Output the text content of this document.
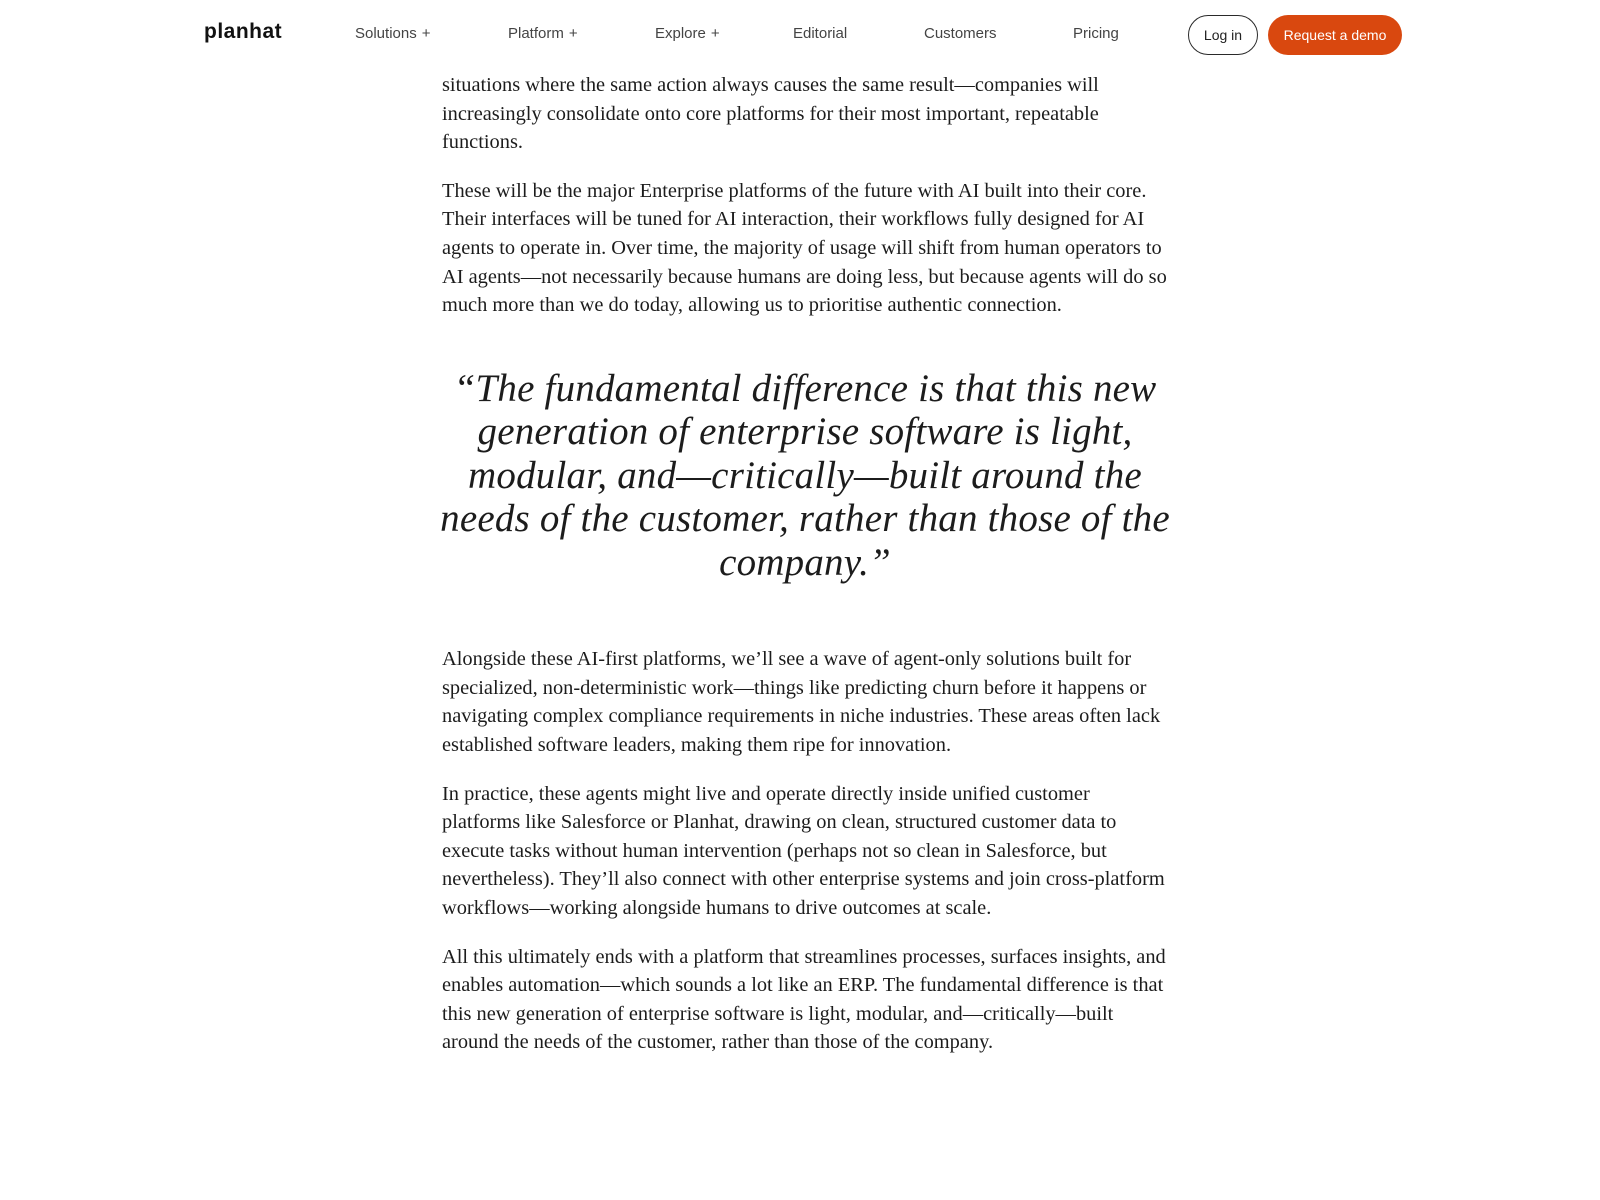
planhat	Solutions +	Platform +	Explore +	Editorial	Customers	Pricing	Log in	Request a demo

situations where the same action always causes the same result—companies will increasingly consolidate onto core platforms for their most important, repeatable functions.

These will be the major Enterprise platforms of the future with AI built into their core. Their interfaces will be tuned for AI interaction, their workflows fully designed for AI agents to operate in. Over time, the majority of usage will shift from human operators to AI agents—not necessarily because humans are doing less, but because agents will do so much more than we do today, allowing us to prioritise authentic connection.

“The fundamental difference is that this new generation of enterprise software is light, modular, and—critically—built around the needs of the customer, rather than those of the company.”

Alongside these AI-first platforms, we’ll see a wave of agent-only solutions built for specialized, non-deterministic work—things like predicting churn before it happens or navigating complex compliance requirements in niche industries. These areas often lack established software leaders, making them ripe for innovation.

In practice, these agents might live and operate directly inside unified customer platforms like Salesforce or Planhat, drawing on clean, structured customer data to execute tasks without human intervention (perhaps not so clean in Salesforce, but nevertheless). They’ll also connect with other enterprise systems and join cross-platform workflows—working alongside humans to drive outcomes at scale.

All this ultimately ends with a platform that streamlines processes, surfaces insights, and enables automation—which sounds a lot like an ERP. The fundamental difference is that this new generation of enterprise software is light, modular, and—critically—built around the needs of the customer, rather than those of the company.
